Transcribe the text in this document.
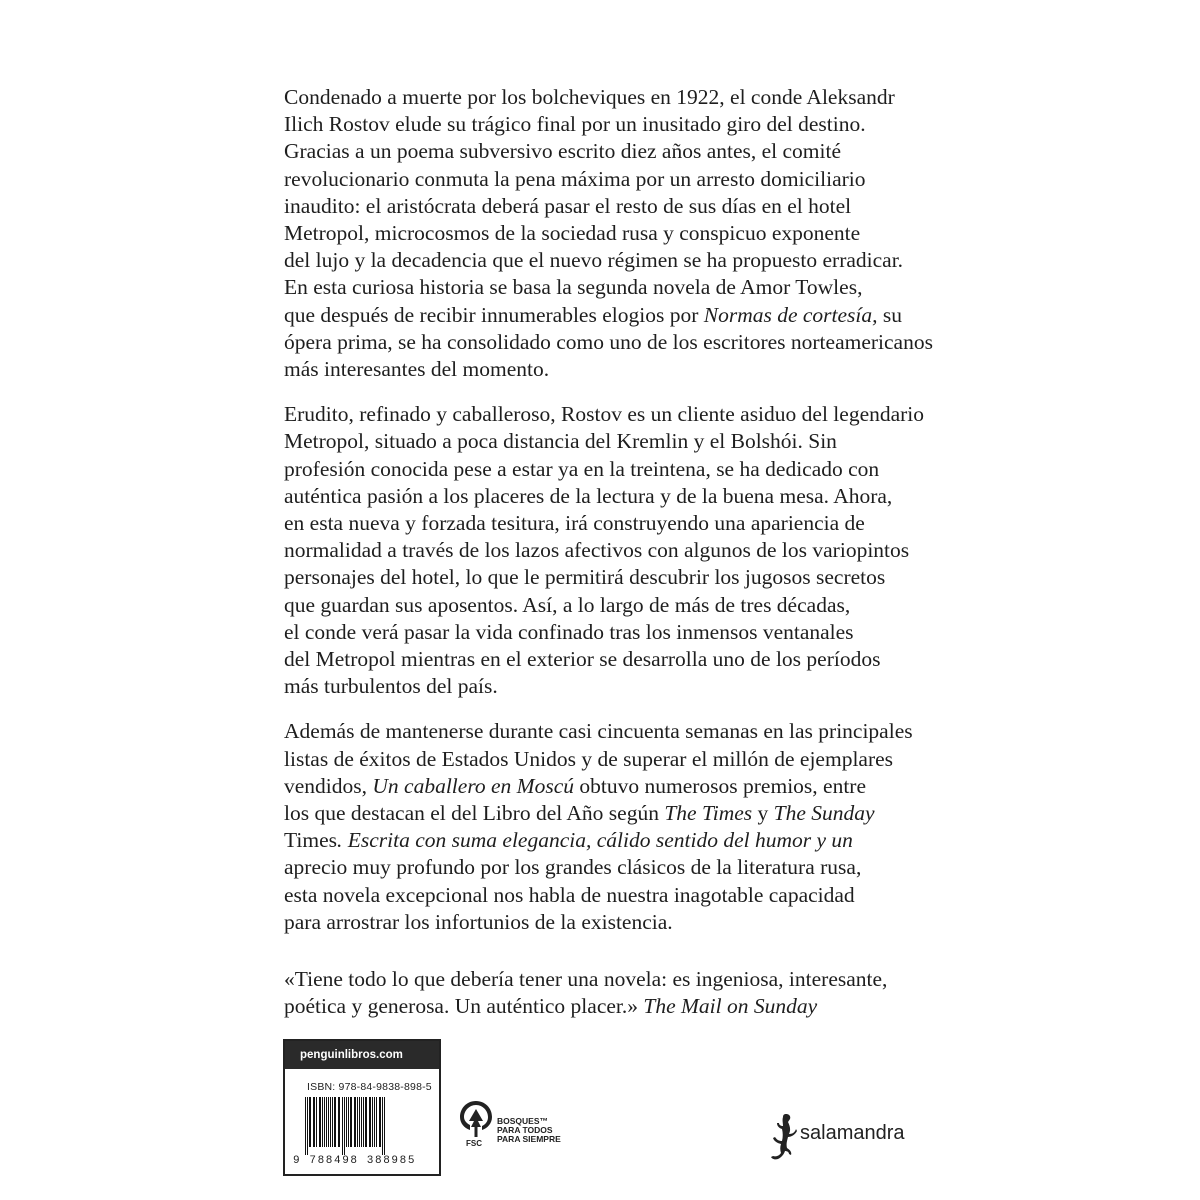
Condenado a muerte por los bolcheviques en 1922, el conde Aleksandr
Ilich Rostov elude su trágico final por un inusitado giro del destino.
Gracias a un poema subversivo escrito diez años antes, el comité
revolucionario conmuta la pena máxima por un arresto domiciliario
inaudito: el aristócrata deberá pasar el resto de sus días en el hotel
Metropol, microcosmos de la sociedad rusa y conspicuo exponente
del lujo y la decadencia que el nuevo régimen se ha propuesto erradicar.
En esta curiosa historia se basa la segunda novela de Amor Towles,
que después de recibir innumerables elogios por Normas de cortesía, su
ópera prima, se ha consolidado como uno de los escritores norteamericanos
más interesantes del momento.
Erudito, refinado y caballeroso, Rostov es un cliente asiduo del legendario
Metropol, situado a poca distancia del Kremlin y el Bolshói. Sin
profesión conocida pese a estar ya en la treintena, se ha dedicado con
auténtica pasión a los placeres de la lectura y de la buena mesa. Ahora,
en esta nueva y forzada tesitura, irá construyendo una apariencia de
normalidad a través de los lazos afectivos con algunos de los variopintos
personajes del hotel, lo que le permitirá descubrir los jugosos secretos
que guardan sus aposentos. Así, a lo largo de más de tres décadas,
el conde verá pasar la vida confinado tras los inmensos ventanales
del Metropol mientras en el exterior se desarrolla uno de los períodos
más turbulentos del país.
Además de mantenerse durante casi cincuenta semanas en las principales
listas de éxitos de Estados Unidos y de superar el millón de ejemplares
vendidos, Un caballero en Moscú obtuvo numerosos premios, entre
los que destacan el del Libro del Año según The Times y The Sunday
Times. Escrita con suma elegancia, cálido sentido del humor y un
aprecio muy profundo por los grandes clásicos de la literatura rusa,
esta novela excepcional nos habla de nuestra inagotable capacidad
para arrostrar los infortunios de la existencia.
«Tiene todo lo que debería tener una novela: es ingeniosa, interesante,
poética y generosa. Un auténtico placer.» The Mail on Sunday
penguinlibros.com
ISBN: 978-84-9838-898-5
9 788498 388985
FSC
BOSQUES™
PARA TODOS
PARA SIEMPRE	salamandra
